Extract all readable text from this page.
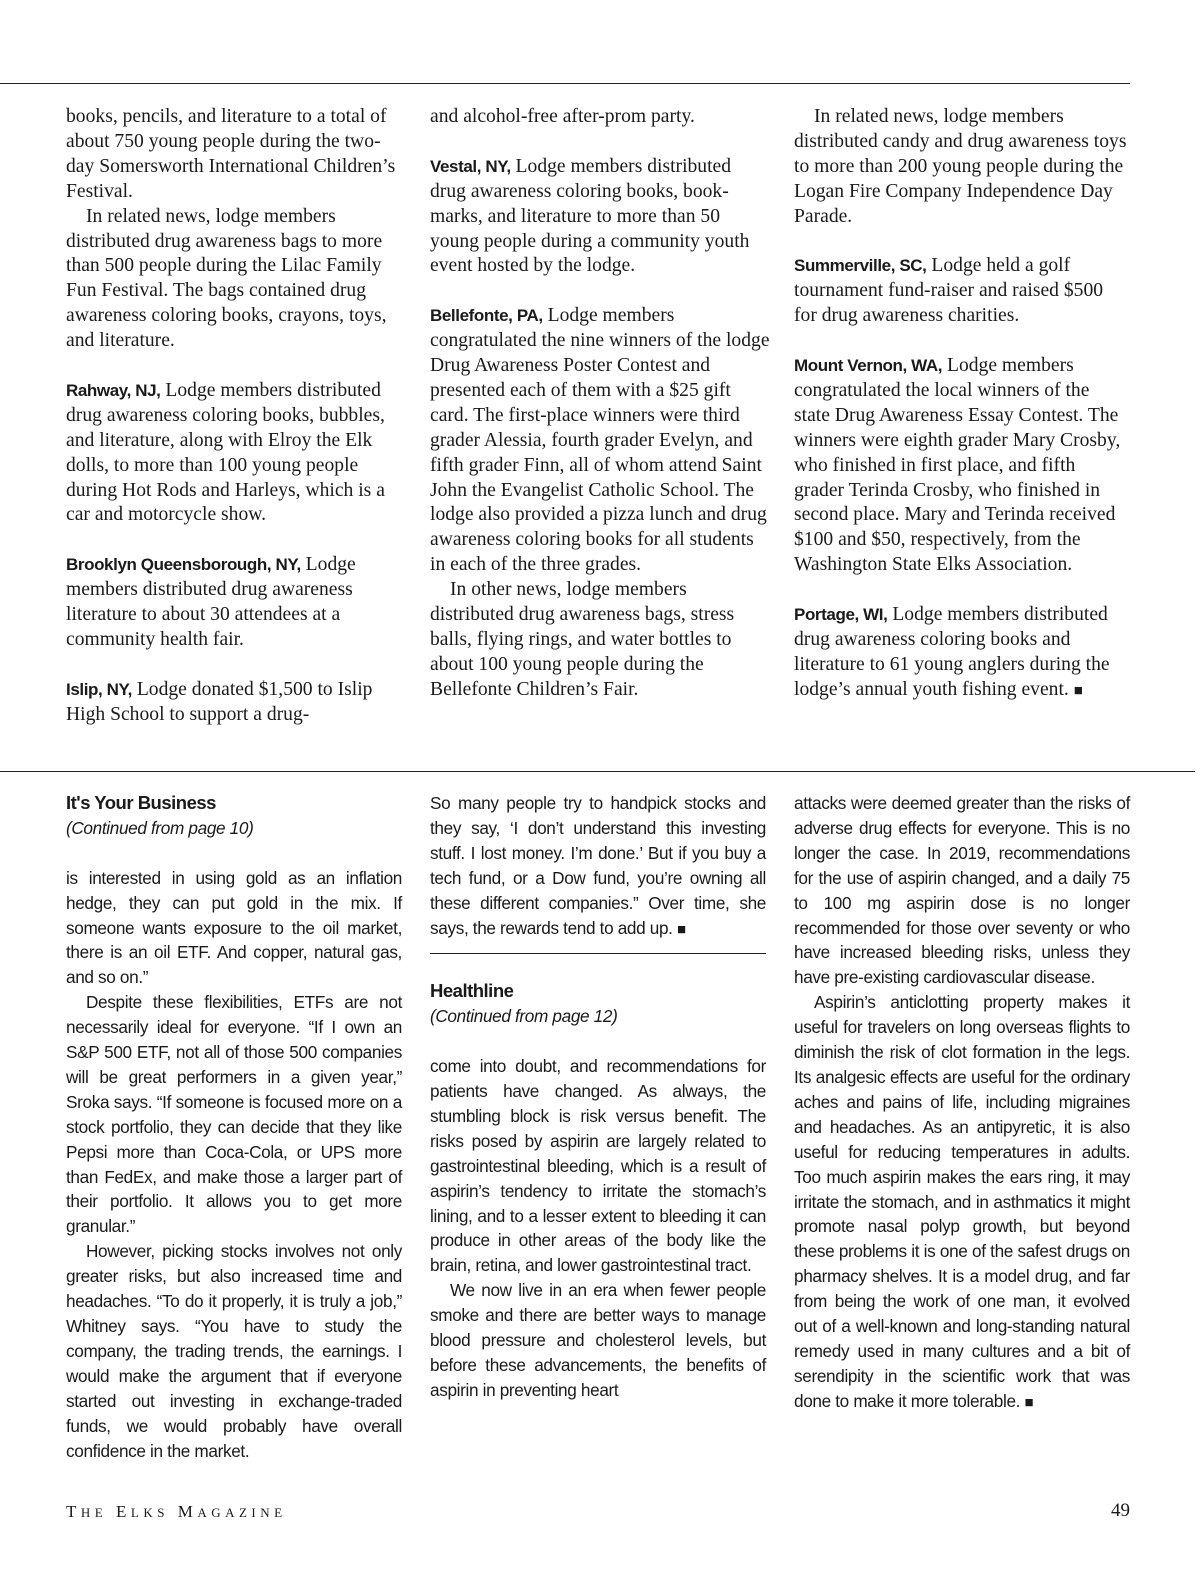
books, pencils, and literature to a total of about 750 young people during the two-day Somersworth International Children’s Festival.

In related news, lodge members distributed drug awareness bags to more than 500 people during the Lilac Family Fun Festival. The bags contained drug awareness coloring books, crayons, toys, and literature.

Rahway, NJ, Lodge members distributed drug awareness coloring books, bubbles, and literature, along with Elroy the Elk dolls, to more than 100 young people during Hot Rods and Harleys, which is a car and motorcycle show.

Brooklyn Queensborough, NY, Lodge members distributed drug awareness literature to about 30 attendees at a community health fair.

Islip, NY, Lodge donated $1,500 to Islip High School to support a drug-

and alcohol-free after-prom party.

Vestal, NY, Lodge members distributed drug awareness coloring books, bookmarks, and literature to more than 50 young people during a community youth event hosted by the lodge.

Bellefonte, PA, Lodge members congratulated the nine winners of the lodge Drug Awareness Poster Contest and presented each of them with a $25 gift card. The first-place winners were third grader Alessia, fourth grader Evelyn, and fifth grader Finn, all of whom attend Saint John the Evangelist Catholic School. The lodge also provided a pizza lunch and drug awareness coloring books for all students in each of the three grades.

In other news, lodge members distributed drug awareness bags, stress balls, flying rings, and water bottles to about 100 young people during the Bellefonte Children’s Fair.

In related news, lodge members distributed candy and drug awareness toys to more than 200 young people during the Logan Fire Company Independence Day Parade.

Summerville, SC, Lodge held a golf tournament fund-raiser and raised $500 for drug awareness charities.

Mount Vernon, WA, Lodge members congratulated the local winners of the state Drug Awareness Essay Contest. The winners were eighth grader Mary Crosby, who finished in first place, and fifth grader Terinda Crosby, who finished in second place. Mary and Terinda received $100 and $50, respectively, from the Washington State Elks Association.

Portage, WI, Lodge members distributed drug awareness coloring books and literature to 61 young anglers during the lodge’s annual youth fishing event. ■

It's Your Business

(Continued from page 10)

is interested in using gold as an inflation hedge, they can put gold in the mix. If someone wants exposure to the oil market, there is an oil ETF. And copper, natural gas, and so on.”

Despite these flexibilities, ETFs are not necessarily ideal for everyone. “If I own an S&P 500 ETF, not all of those 500 companies will be great performers in a given year,” Sroka says. “If someone is focused more on a stock portfolio, they can decide that they like Pepsi more than Coca-Cola, or UPS more than FedEx, and make those a larger part of their portfolio. It allows you to get more granular.”

However, picking stocks involves not only greater risks, but also increased time and headaches. “To do it properly, it is truly a job,” Whitney says. “You have to study the company, the trading trends, the earnings. I would make the argument that if everyone started out investing in exchange-traded funds, we would probably have overall confidence in the market.

So many people try to handpick stocks and they say, ‘I don’t understand this investing stuff. I lost money. I’m done.’ But if you buy a tech fund, or a Dow fund, you’re owning all these different companies.” Over time, she says, the rewards tend to add up. ■

Healthline

(Continued from page 12)

come into doubt, and recommendations for patients have changed. As always, the stumbling block is risk versus benefit. The risks posed by aspirin are largely related to gastrointestinal bleeding, which is a result of aspirin’s tendency to irritate the stomach’s lining, and to a lesser extent to bleeding it can produce in other areas of the body like the brain, retina, and lower gastrointestinal tract.

We now live in an era when fewer people smoke and there are better ways to manage blood pressure and cholesterol levels, but before these advancements, the benefits of aspirin in preventing heart

attacks were deemed greater than the risks of adverse drug effects for everyone. This is no longer the case. In 2019, recommendations for the use of aspirin changed, and a daily 75 to 100 mg aspirin dose is no longer recommended for those over seventy or who have increased bleeding risks, unless they have pre-existing cardiovascular disease.

Aspirin’s anticlotting property makes it useful for travelers on long overseas flights to diminish the risk of clot formation in the legs. Its analgesic effects are useful for the ordinary aches and pains of life, including migraines and headaches. As an antipyretic, it is also useful for reducing temperatures in adults. Too much aspirin makes the ears ring, it may irritate the stomach, and in asthmatics it might promote nasal polyp growth, but beyond these problems it is one of the safest drugs on pharmacy shelves. It is a model drug, and far from being the work of one man, it evolved out of a well-known and long-standing natural remedy used in many cultures and a bit of serendipity in the scientific work that was done to make it more tolerable. ■

THE ELKS MAGAZINE	49
